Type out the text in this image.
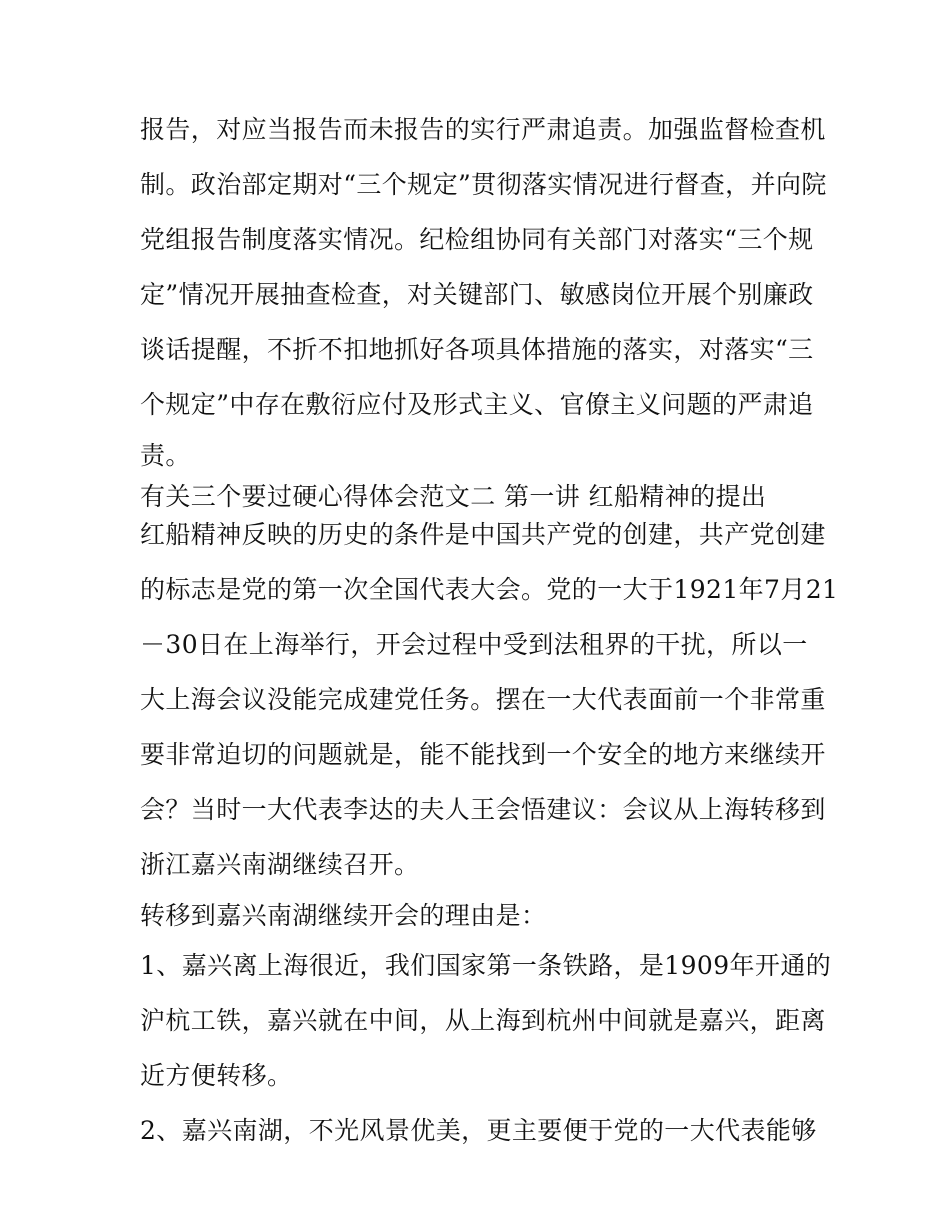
报告，对应当报告而未报告的实行严肃追责。加强监督检查机
制。政治部定期对“三个规定”贯彻落实情况进行督查，并向院
党组报告制度落实情况。纪检组协同有关部门对落实“三个规
定”情况开展抽查检查，对关键部门、敏感岗位开展个别廉政
谈话提醒，不折不扣地抓好各项具体措施的落实，对落实“三
个规定”中存在敷衍应付及形式主义、官僚主义问题的严肃追
责。
有关三个要过硬心得体会范文二 第一讲 红船精神的提出
红船精神反映的历史的条件是中国共产党的创建，共产党创建
的标志是党的第一次全国代表大会。党的一大于1921年7月21
－30日在上海举行，开会过程中受到法租界的干扰，所以一
大上海会议没能完成建党任务。摆在一大代表面前一个非常重
要非常迫切的问题就是，能不能找到一个安全的地方来继续开
会？当时一大代表李达的夫人王会悟建议：会议从上海转移到
浙江嘉兴南湖继续召开。
转移到嘉兴南湖继续开会的理由是：
1、嘉兴离上海很近，我们国家第一条铁路，是1909年开通的
沪杭工铁，嘉兴就在中间，从上海到杭州中间就是嘉兴，距离
近方便转移。
2、嘉兴南湖，不光风景优美，更主要便于党的一大代表能够
